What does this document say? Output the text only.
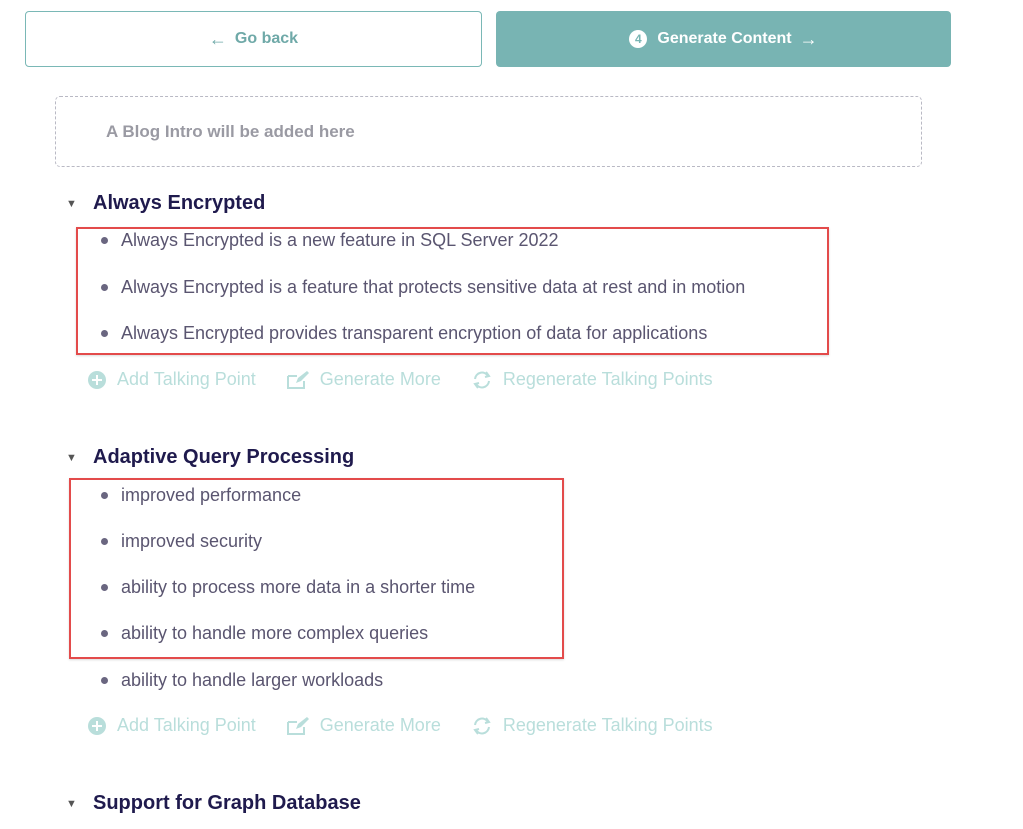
← Go back	4 Generate Content →
A Blog Intro will be added here
▼ Always Encrypted
Always Encrypted is a new feature in SQL Server 2022
Always Encrypted is a feature that protects sensitive data at rest and in motion
Always Encrypted provides transparent encryption of data for applications
Add Talking Point	Generate More	Regenerate Talking Points
▼ Adaptive Query Processing
improved performance
improved security
ability to process more data in a shorter time
ability to handle more complex queries
ability to handle larger workloads
Add Talking Point	Generate More	Regenerate Talking Points
▼ Support for Graph Database
